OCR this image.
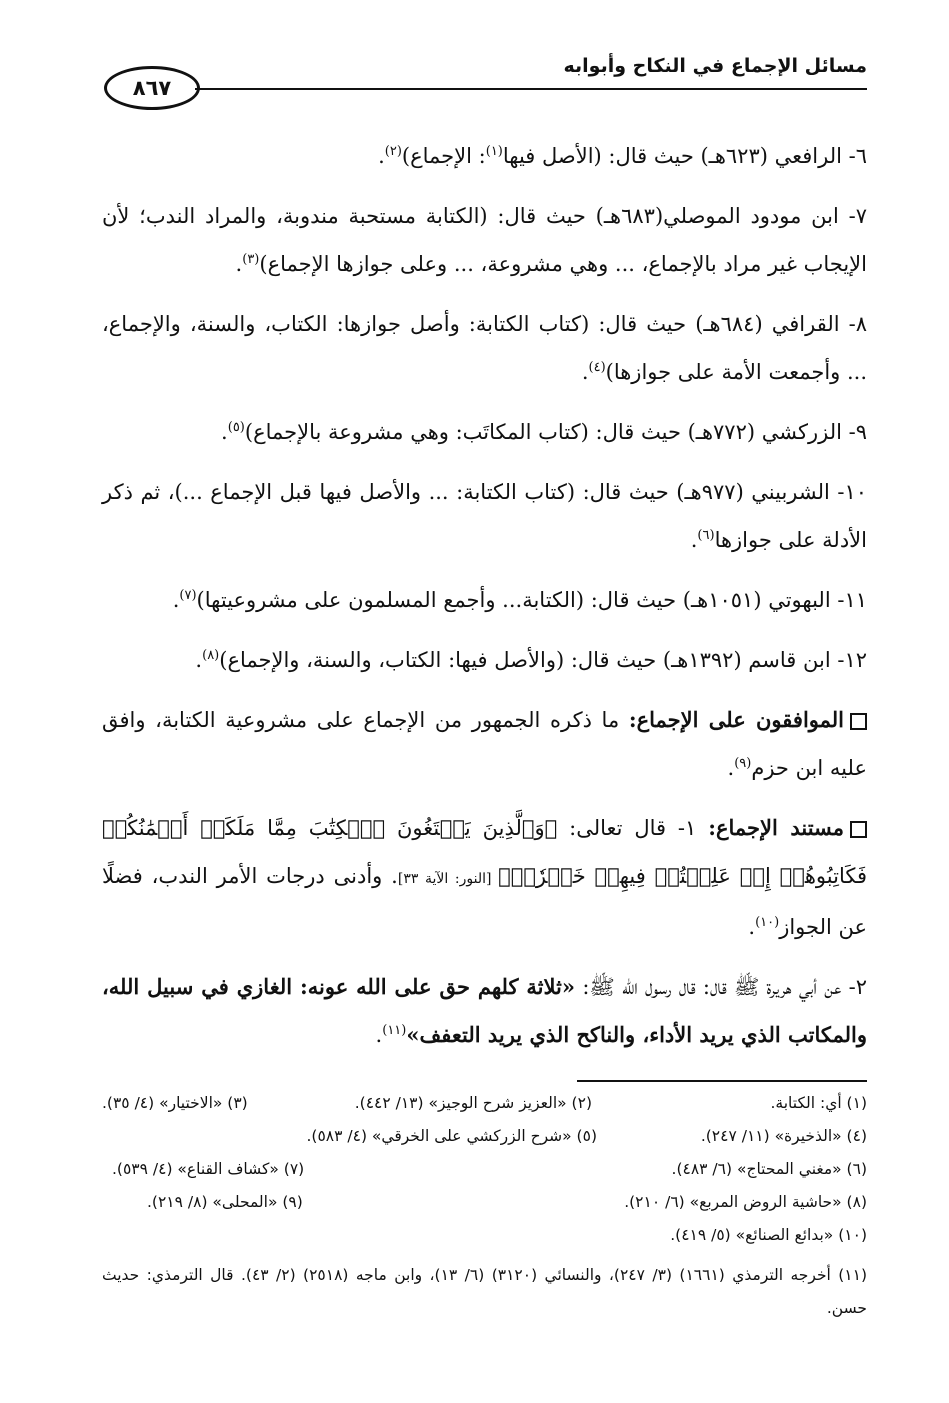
مسائل الإجماع في النكاح وأبوابه
٨٦٧

٦- الرافعي (٦٢٣هـ) حيث قال: (الأصل فيها$^{(١)}$: الإجماع)$^{(٢)}$.

٧- ابن مودود الموصلي(٦٨٣هـ) حيث قال: (الكتابة مستحبة مندوبة، والمراد الندب؛ لأن الإيجاب غير مراد بالإجماع، ... وهي مشروعة، ... وعلى جوازها الإجماع)$^{(٣)}$.

٨- القرافي (٦٨٤هـ) حيث قال: (كتاب الكتابة: وأصل جوازها: الكتاب، والسنة، والإجماع، ... وأجمعت الأمة على جوازها)$^{(٤)}$.

٩- الزركشي (٧٧٢هـ) حيث قال: (كتاب المكاتَب: وهي مشروعة بالإجماع)$^{(٥)}$.

١٠- الشربيني (٩٧٧هـ) حيث قال: (كتاب الكتابة: ... والأصل فيها قبل الإجماع ...)، ثم ذكر الأدلة على جوازها$^{(٦)}$.

١١- البهوتي (١٠٥١هـ) حيث قال: (الكتابة... وأجمع المسلمون على مشروعيتها)$^{(٧)}$.

١٢- ابن قاسم (١٣٩٢هـ) حيث قال: (والأصل فيها: الكتاب، والسنة، والإجماع)$^{(٨)}$.

الموافقون على الإجماع: ما ذكره الجمهور من الإجماع على مشروعية الكتابة، وافق عليه ابن حزم$^{(٩)}$.

مستند الإجماع: ١- قال تعالى: ﴿وَٱلَّذِينَ يَبۡتَغُونَ ٱلۡكِتَٰبَ مِمَّا مَلَكَتۡ أَيۡمَٰنُكُمۡ فَكَاتِبُوهُمۡ إِنۡ عَلِمۡتُمۡ فِيهِمۡ خَيۡرٗاۖ﴾ [النور: الآية ٣٣]. وأدنى درجات الأمر الندب، فضلًا عن الجواز$^{(١٠)}$.

٢- عن أبي هريرة ﷺ قال: قال رسول الله ﷺ: «ثلاثة كلهم حق على الله عونه: الغازي في سبيل الله، والمكاتب الذي يريد الأداء، والناكح الذي يريد التعفف»$^{(١١)}$.

(١) أي: الكتابة.
(٢) «العزيز شرح الوجيز» (١٣/ ٤٤٢).
(٣) «الاختيار» (٤/ ٣٥).
(٤) «الذخيرة» (١١/ ٢٤٧).
(٥) «شرح الزركشي على الخرقي» (٤/ ٥٨٣).
(٦) «مغني المحتاج» (٦/ ٤٨٣).
(٧) «كشاف القناع» (٤/ ٥٣٩).
(٨) «حاشية الروض المربع» (٦/ ٢١٠).
(٩) «المحلى» (٨/ ٢١٩).
(١٠) «بدائع الصنائع» (٥/ ٤١٩).
(١١) أخرجه الترمذي (١٦٦١) (٣/ ٢٤٧)، والنسائي (٣١٢٠) (٦/ ١٣)، وابن ماجه (٢٥١٨) (٢/ ٤٣). قال الترمذي: حديث حسن.
